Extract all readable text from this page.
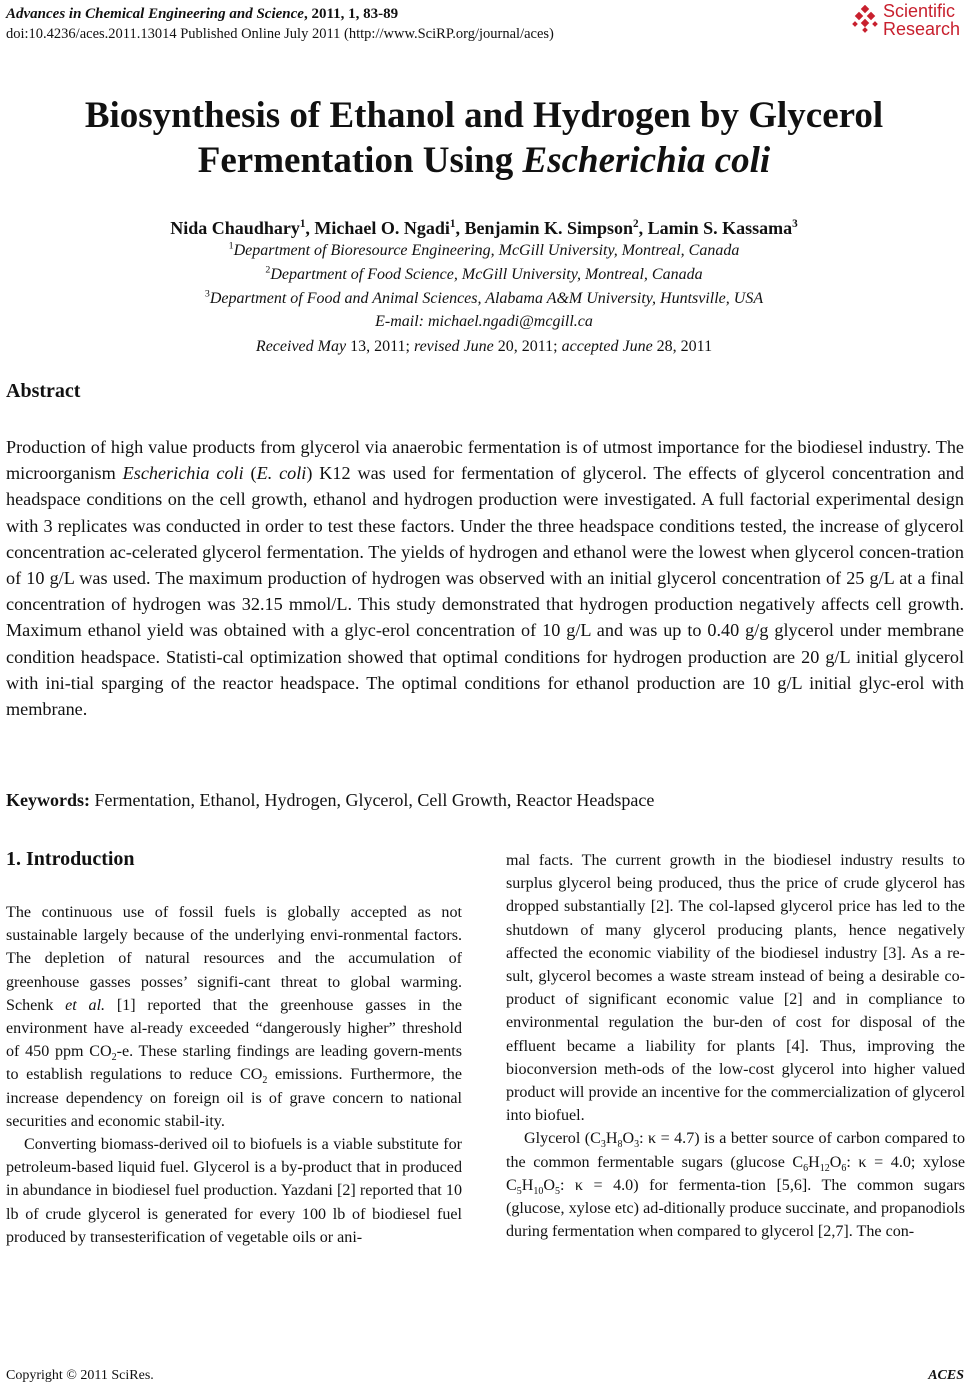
Advances in Chemical Engineering and Science, 2011, 1, 83-89
doi:10.4236/aces.2011.13014 Published Online July 2011 (http://www.SciRP.org/journal/aces)
Scientific
Research
Biosynthesis of Ethanol and Hydrogen by Glycerol
Fermentation Using Escherichia coli
Nida Chaudhary$^1$, Michael O. Ngadi$^1$, Benjamin K. Simpson$^2$, Lamin S. Kassama$^3$
$^1$Department of Bioresource Engineering, McGill University, Montreal, Canada
$^2$Department of Food Science, McGill University, Montreal, Canada
$^3$Department of Food and Animal Sciences, Alabama A&M University, Huntsville, USA
E-mail: michael.ngadi@mcgill.ca
Received May 13, 2011; revised June 20, 2011; accepted June 28, 2011
Abstract
Production of high value products from glycerol via anaerobic fermentation is of utmost importance for the biodiesel industry. The microorganism Escherichia coli (E. coli) K12 was used for fermentation of glycerol. The effects of glycerol concentration and headspace conditions on the cell growth, ethanol and hydrogen production were investigated. A full factorial experimental design with 3 replicates was conducted in order to test these factors. Under the three headspace conditions tested, the increase of glycerol concentration ac-celerated glycerol fermentation. The yields of hydrogen and ethanol were the lowest when glycerol concen-tration of 10 g/L was used. The maximum production of hydrogen was observed with an initial glycerol concentration of 25 g/L at a final concentration of hydrogen was 32.15 mmol/L. This study demonstrated that hydrogen production negatively affects cell growth. Maximum ethanol yield was obtained with a glyc-erol concentration of 10 g/L and was up to 0.40 g/g glycerol under membrane condition headspace. Statisti-cal optimization showed that optimal conditions for hydrogen production are 20 g/L initial glycerol with ini-tial sparging of the reactor headspace. The optimal conditions for ethanol production are 10 g/L initial glyc-erol with membrane.
Keywords: Fermentation, Ethanol, Hydrogen, Glycerol, Cell Growth, Reactor Headspace
1. Introduction

The continuous use of fossil fuels is globally accepted as not sustainable largely because of the underlying envi-ronmental factors. The depletion of natural resources and the accumulation of greenhouse gasses posses’ signifi-cant threat to global warming. Schenk et al. [1] reported that the greenhouse gasses in the environment have al-ready exceeded “dangerously higher” threshold of 450 ppm $CO_2-e$. These starling findings are leading govern-ments to establish regulations to reduce $CO_2$ emissions. Furthermore, the increase dependency on foreign oil is of grave concern to national securities and economic stabil-ity.

Converting biomass-derived oil to biofuels is a viable substitute for petroleum-based liquid fuel. Glycerol is a by-product that in produced in abundance in biodiesel fuel production. Yazdani [2] reported that 10 lb of crude glycerol is generated for every 100 lb of biodiesel fuel produced by transesterification of vegetable oils or ani-

mal facts. The current growth in the biodiesel industry results to surplus glycerol being produced, thus the price of crude glycerol has dropped substantially [2]. The col-lapsed glycerol price has led to the shutdown of many glycerol producing plants, hence negatively affected the economic viability of the biodiesel industry [3]. As a re-sult, glycerol becomes a waste stream instead of being a desirable co-product of significant economic value [2] and in compliance to environmental regulation the bur-den of cost for disposal of the effluent became a liability for plants [4]. Thus, improving the bioconversion meth-ods of the low-cost glycerol into higher valued product will provide an incentive for the commercialization of glycerol into biofuel.

Glycerol ($C_3H_8O_3$: κ = 4.7) is a better source of carbon compared to the common fermentable sugars (glucose $C_6H_{12}O_6$: κ = 4.0; xylose $C_5H_{10}O_5$: κ = 4.0) for fermenta-tion [5,6]. The common sugars (glucose, xylose etc) ad-ditionally produce succinate, and propanodiols during fermentation when compared to glycerol [2,7]. The con-

Copyright © 2011 SciRes.	ACES
